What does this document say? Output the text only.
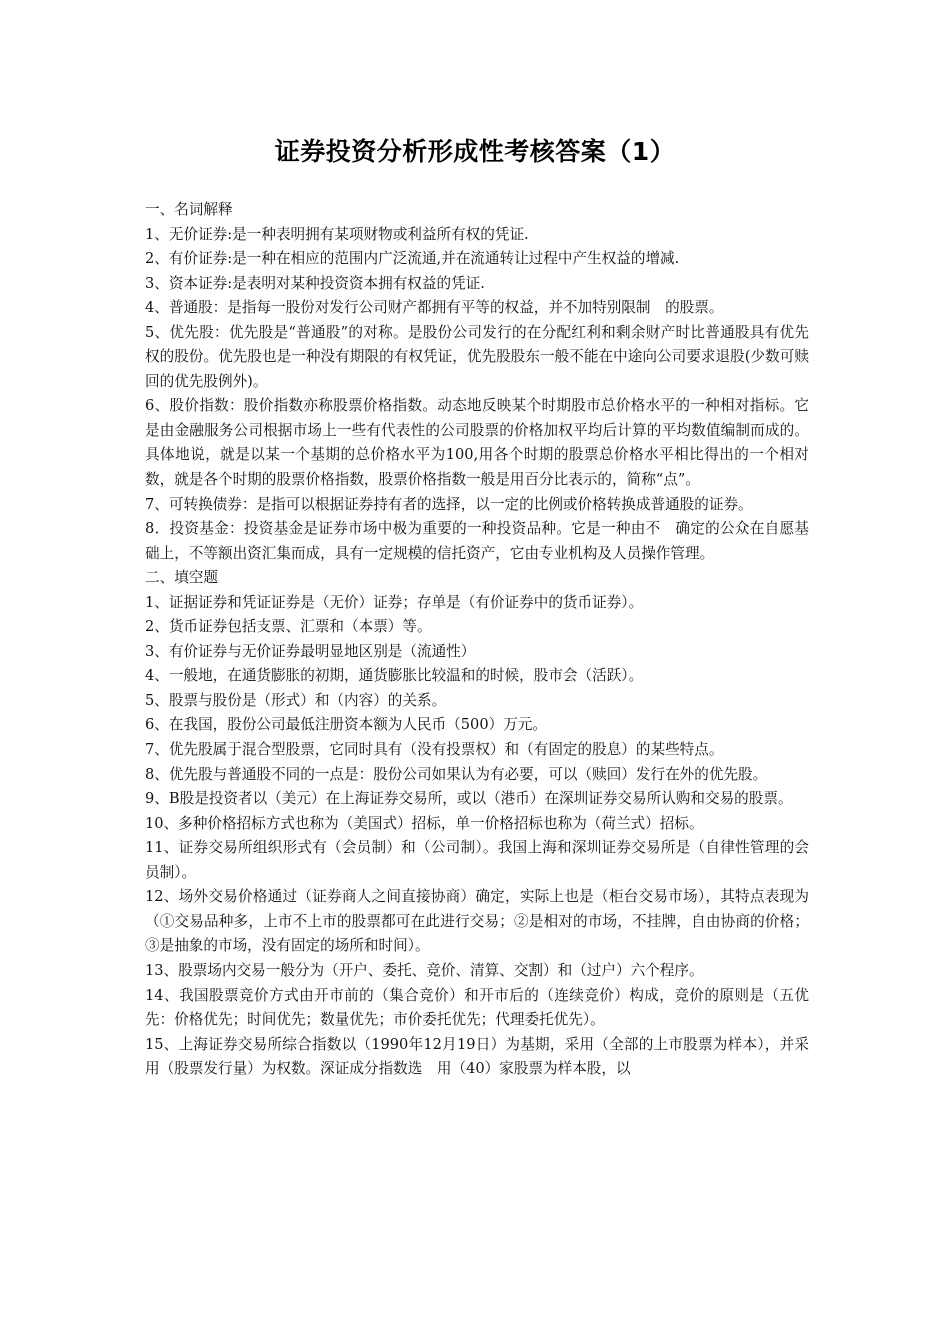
证券投资分析形成性考核答案（1）

一、名词解释

1、无价证券:是一种表明拥有某项财物或利益所有权的凭证.

2、有价证券:是一种在相应的范围内广泛流通,并在流通转让过程中产生权益的增减.

3、资本证券:是表明对某种投资资本拥有权益的凭证.

4、普通股：是指每一股份对发行公司财产都拥有平等的权益，并不加特别限制　的股票。

5、优先股：优先股是“普通股”的对称。是股份公司发行的在分配红利和剩余财产时比普通股具有优先权的股份。优先股也是一种没有期限的有权凭证，优先股股东一般不能在中途向公司要求退股(少数可赎回的优先股例外)。

6、股价指数：股价指数亦称股票价格指数。动态地反映某个时期股市总价格水平的一种相对指标。它是由金融服务公司根据市场上一些有代表性的公司股票的价格加权平均后计算的平均数值编制而成的。具体地说，就是以某一个基期的总价格水平为100,用各个时期的股票总价格水平相比得出的一个相对数，就是各个时期的股票价格指数，股票价格指数一般是用百分比表示的，简称“点”。

7、可转换债券：是指可以根据证券持有者的选择，以一定的比例或价格转换成普通股的证券。

8．投资基金：投资基金是证券市场中极为重要的一种投资品种。它是一种由不　确定的公众在自愿基础上，不等额出资汇集而成，具有一定规模的信托资产，它由专业机构及人员操作管理。

二、填空题

1、证据证券和凭证证券是（无价）证券；存单是（有价证券中的货币证券）。

2、货币证券包括支票、汇票和（本票）等。

3、有价证券与无价证券最明显地区别是（流通性）

4、一般地，在通货膨胀的初期，通货膨胀比较温和的时候，股市会（活跃）。

5、股票与股份是（形式）和（内容）的关系。

6、在我国，股份公司最低注册资本额为人民币（500）万元。

7、优先股属于混合型股票，它同时具有（没有投票权）和（有固定的股息）的某些特点。

8、优先股与普通股不同的一点是：股份公司如果认为有必要，可以（赎回）发行在外的优先股。

9、B股是投资者以（美元）在上海证券交易所，或以（港币）在深圳证券交易所认购和交易的股票。

10、多种价格招标方式也称为（美国式）招标，单一价格招标也称为（荷兰式）招标。

11、证券交易所组织形式有（会员制）和（公司制）。我国上海和深圳证券交易所是（自律性管理的会员制）。

12、场外交易价格通过（证券商人之间直接协商）确定，实际上也是（柜台交易市场），其特点表现为（①交易品种多，上市不上市的股票都可在此进行交易；②是相对的市场，不挂牌，自由协商的价格；③是抽象的市场，没有固定的场所和时间）。

13、股票场内交易一般分为（开户、委托、竞价、清算、交割）和（过户）六个程序。

14、我国股票竞价方式由开市前的（集合竞价）和开市后的（连续竞价）构成，竞价的原则是（五优先：价格优先；时间优先；数量优先；市价委托优先；代理委托优先）。

15、上海证券交易所综合指数以（1990年12月19日）为基期，采用（全部的上市股票为样本），并采用（股票发行量）为权数。深证成分指数选　用（40）家股票为样本股，以
